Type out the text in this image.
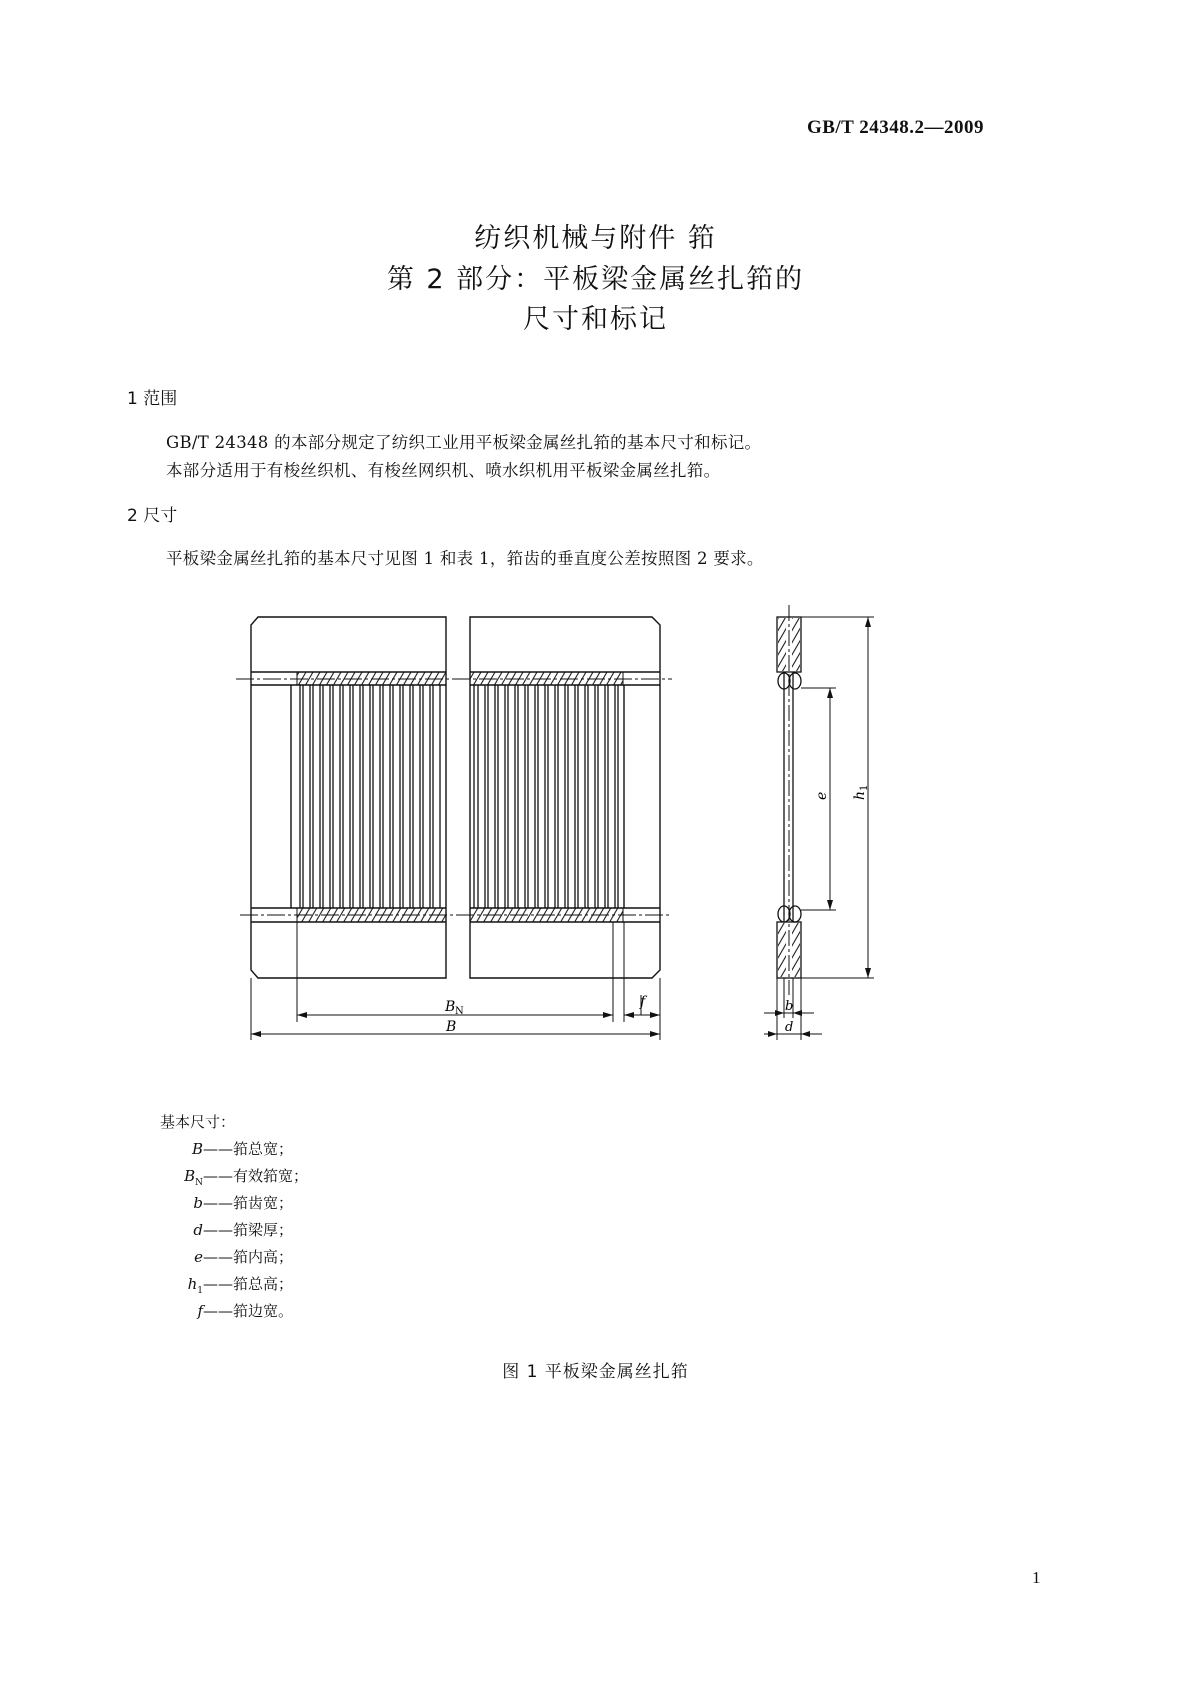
GB/T 24348.2—2009
纺织机械与附件 筘
第 2 部分：平板梁金属丝扎筘的
尺寸和标记
1 范围
GB/T 24348 的本部分规定了纺织工业用平板梁金属丝扎筘的基本尺寸和标记。
本部分适用于有梭丝织机、有梭丝网织机、喷水织机用平板梁金属丝扎筘。
2 尺寸
平板梁金属丝扎筘的基本尺寸见图 1 和表 1，筘齿的垂直度公差按照图 2 要求。
B N
B
f
e h
1
b
d
基本尺寸：
B——筘总宽；
$B_N——$有效筘宽；
b——筘齿宽；
d——筘梁厚；
e——筘内高；
$h_1——$筘总高；
f——筘边宽。
图 1 平板梁金属丝扎筘
1
